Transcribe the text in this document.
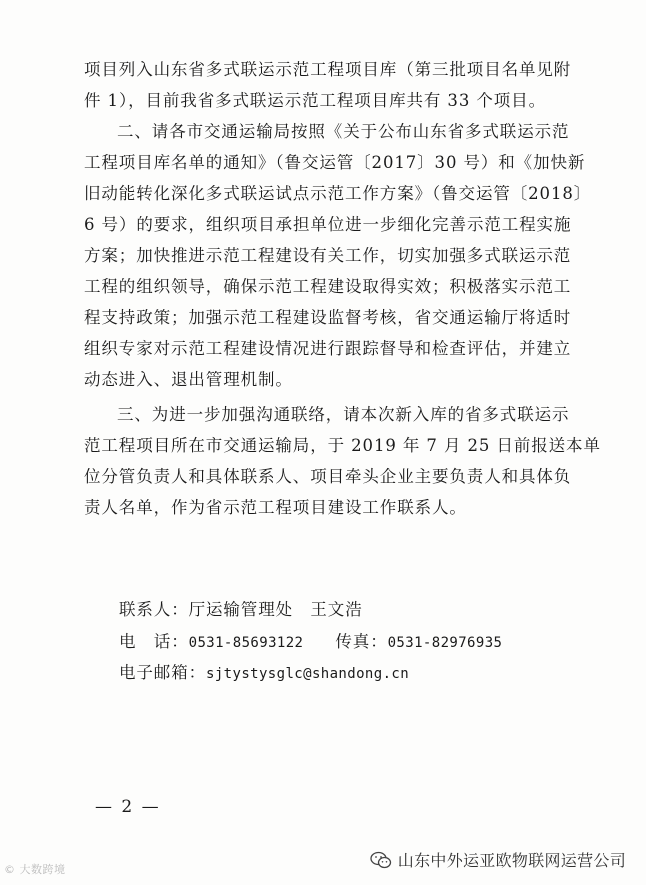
项目列入山东省多式联运示范工程项目库（第三批项目名单见附
件 1），目前我省多式联运示范工程项目库共有 33 个项目。
二、请各市交通运输局按照《关于公布山东省多式联运示范
工程项目库名单的通知》（鲁交运管〔2017〕30 号）和《加快新
旧动能转化深化多式联运试点示范工作方案》（鲁交运管〔2018〕
6 号）的要求，组织项目承担单位进一步细化完善示范工程实施
方案；加快推进示范工程建设有关工作，切实加强多式联运示范
工程的组织领导，确保示范工程建设取得实效；积极落实示范工
程支持政策；加强示范工程建设监督考核，省交通运输厅将适时
组织专家对示范工程建设情况进行跟踪督导和检查评估，并建立
动态进入、退出管理机制。
三、为进一步加强沟通联络，请本次新入库的省多式联运示
范工程项目所在市交通运输局，于 2019 年 7 月 25 日前报送本单
位分管负责人和具体联系人、项目牵头企业主要负责人和具体负
责人名单，作为省示范工程项目建设工作联系人。
联系人：厅运输管理处　王文浩
电　话：0531-85693122 传真：0531-82976935
电子邮箱：sjtystysglc@shandong.cn
— 2 —
© 大数跨境	山东中外运亚欧物联网运营公司
